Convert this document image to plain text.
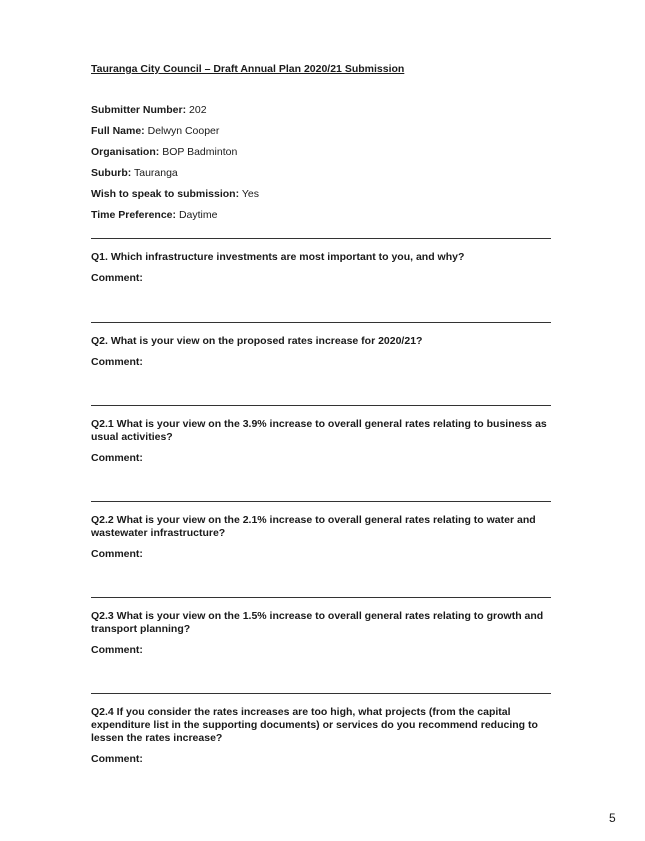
Tauranga City Council – Draft Annual Plan 2020/21 Submission
Submitter Number: 202
Full Name: Delwyn Cooper
Organisation: BOP Badminton
Suburb: Tauranga
Wish to speak to submission: Yes
Time Preference: Daytime
Q1. Which infrastructure investments are most important to you, and why?
Comment:
Q2. What is your view on the proposed rates increase for 2020/21?
Comment:
Q2.1 What is your view on the 3.9% increase to overall general rates relating to business as usual activities?
Comment:
Q2.2 What is your view on the 2.1% increase to overall general rates relating to water and wastewater infrastructure?
Comment:
Q2.3 What is your view on the 1.5% increase to overall general rates relating to growth and transport planning?
Comment:
Q2.4 If you consider the rates increases are too high, what projects (from the capital expenditure list in the supporting documents) or services do you recommend reducing to lessen the rates increase?
Comment:
5
